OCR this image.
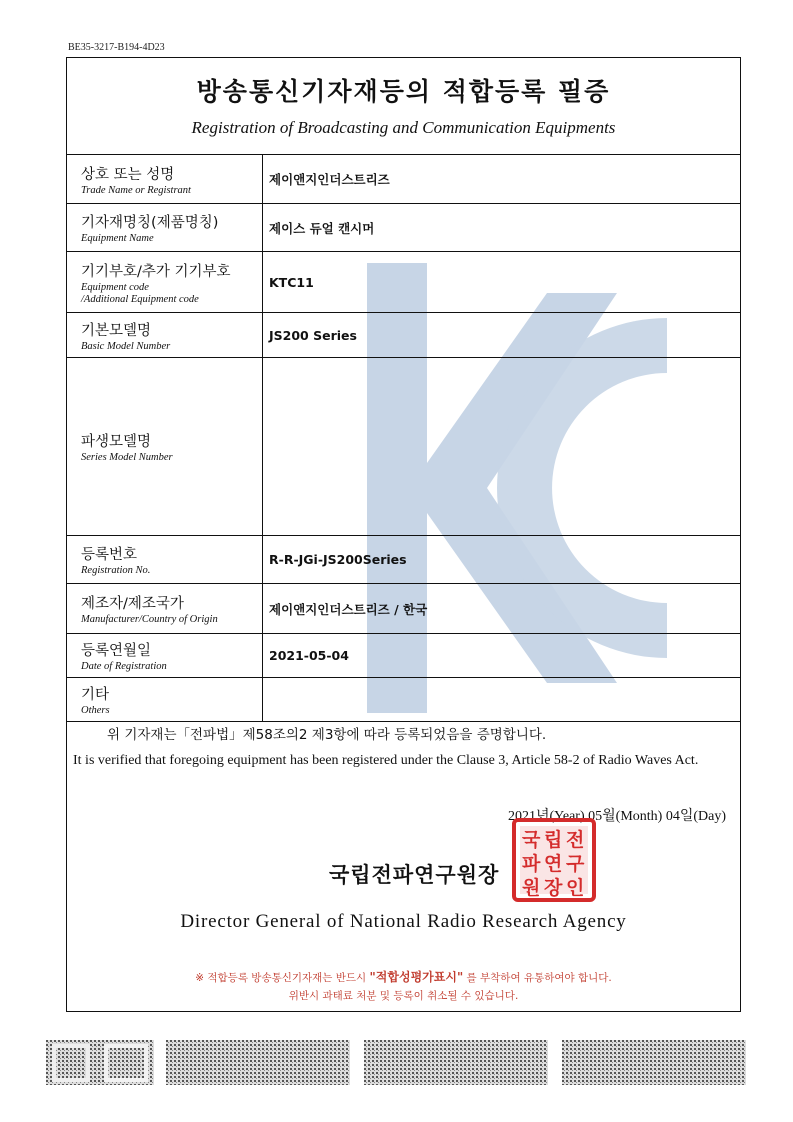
BE35-3217-B194-4D23
방송통신기자재등의 적합등록 필증
Registration of Broadcasting and Communication Equipments
상호 또는 성명
Trade Name or Registrant
제이앤지인더스트리즈
기자재명칭(제품명칭)
Equipment Name
제이스 듀얼 캔시머
기기부호/추가 기기부호
Equipment code
/Additional Equipment code
KTC11
기본모델명
Basic Model Number
JS200 Series
파생모델명
Series Model Number
등록번호
Registration No.
R-R-JGi-JS200Series
제조자/제조국가
Manufacturer/Country of Origin
제이앤지인더스트리즈 / 한국
등록연월일
Date of Registration
2021-05-04
기타
Others
위 기자재는「전파법」제58조의2 제3항에 따라 등록되었음을 증명합니다.
It is verified that foregoing equipment has been registered under the Clause 3, Article 58-2 of Radio Waves Act.
2021년(Year) 05월(Month) 04일(Day)
국립전파연구원장
국 립 전
파 연 구
원 장 인
Director General of National Radio Research Agency
※ 적합등록 방송통신기자재는 반드시 "적합성평가표시" 를 부착하여 유통하여야 합니다.
위반시 과태료 처분 및 등록이 취소될 수 있습니다.
